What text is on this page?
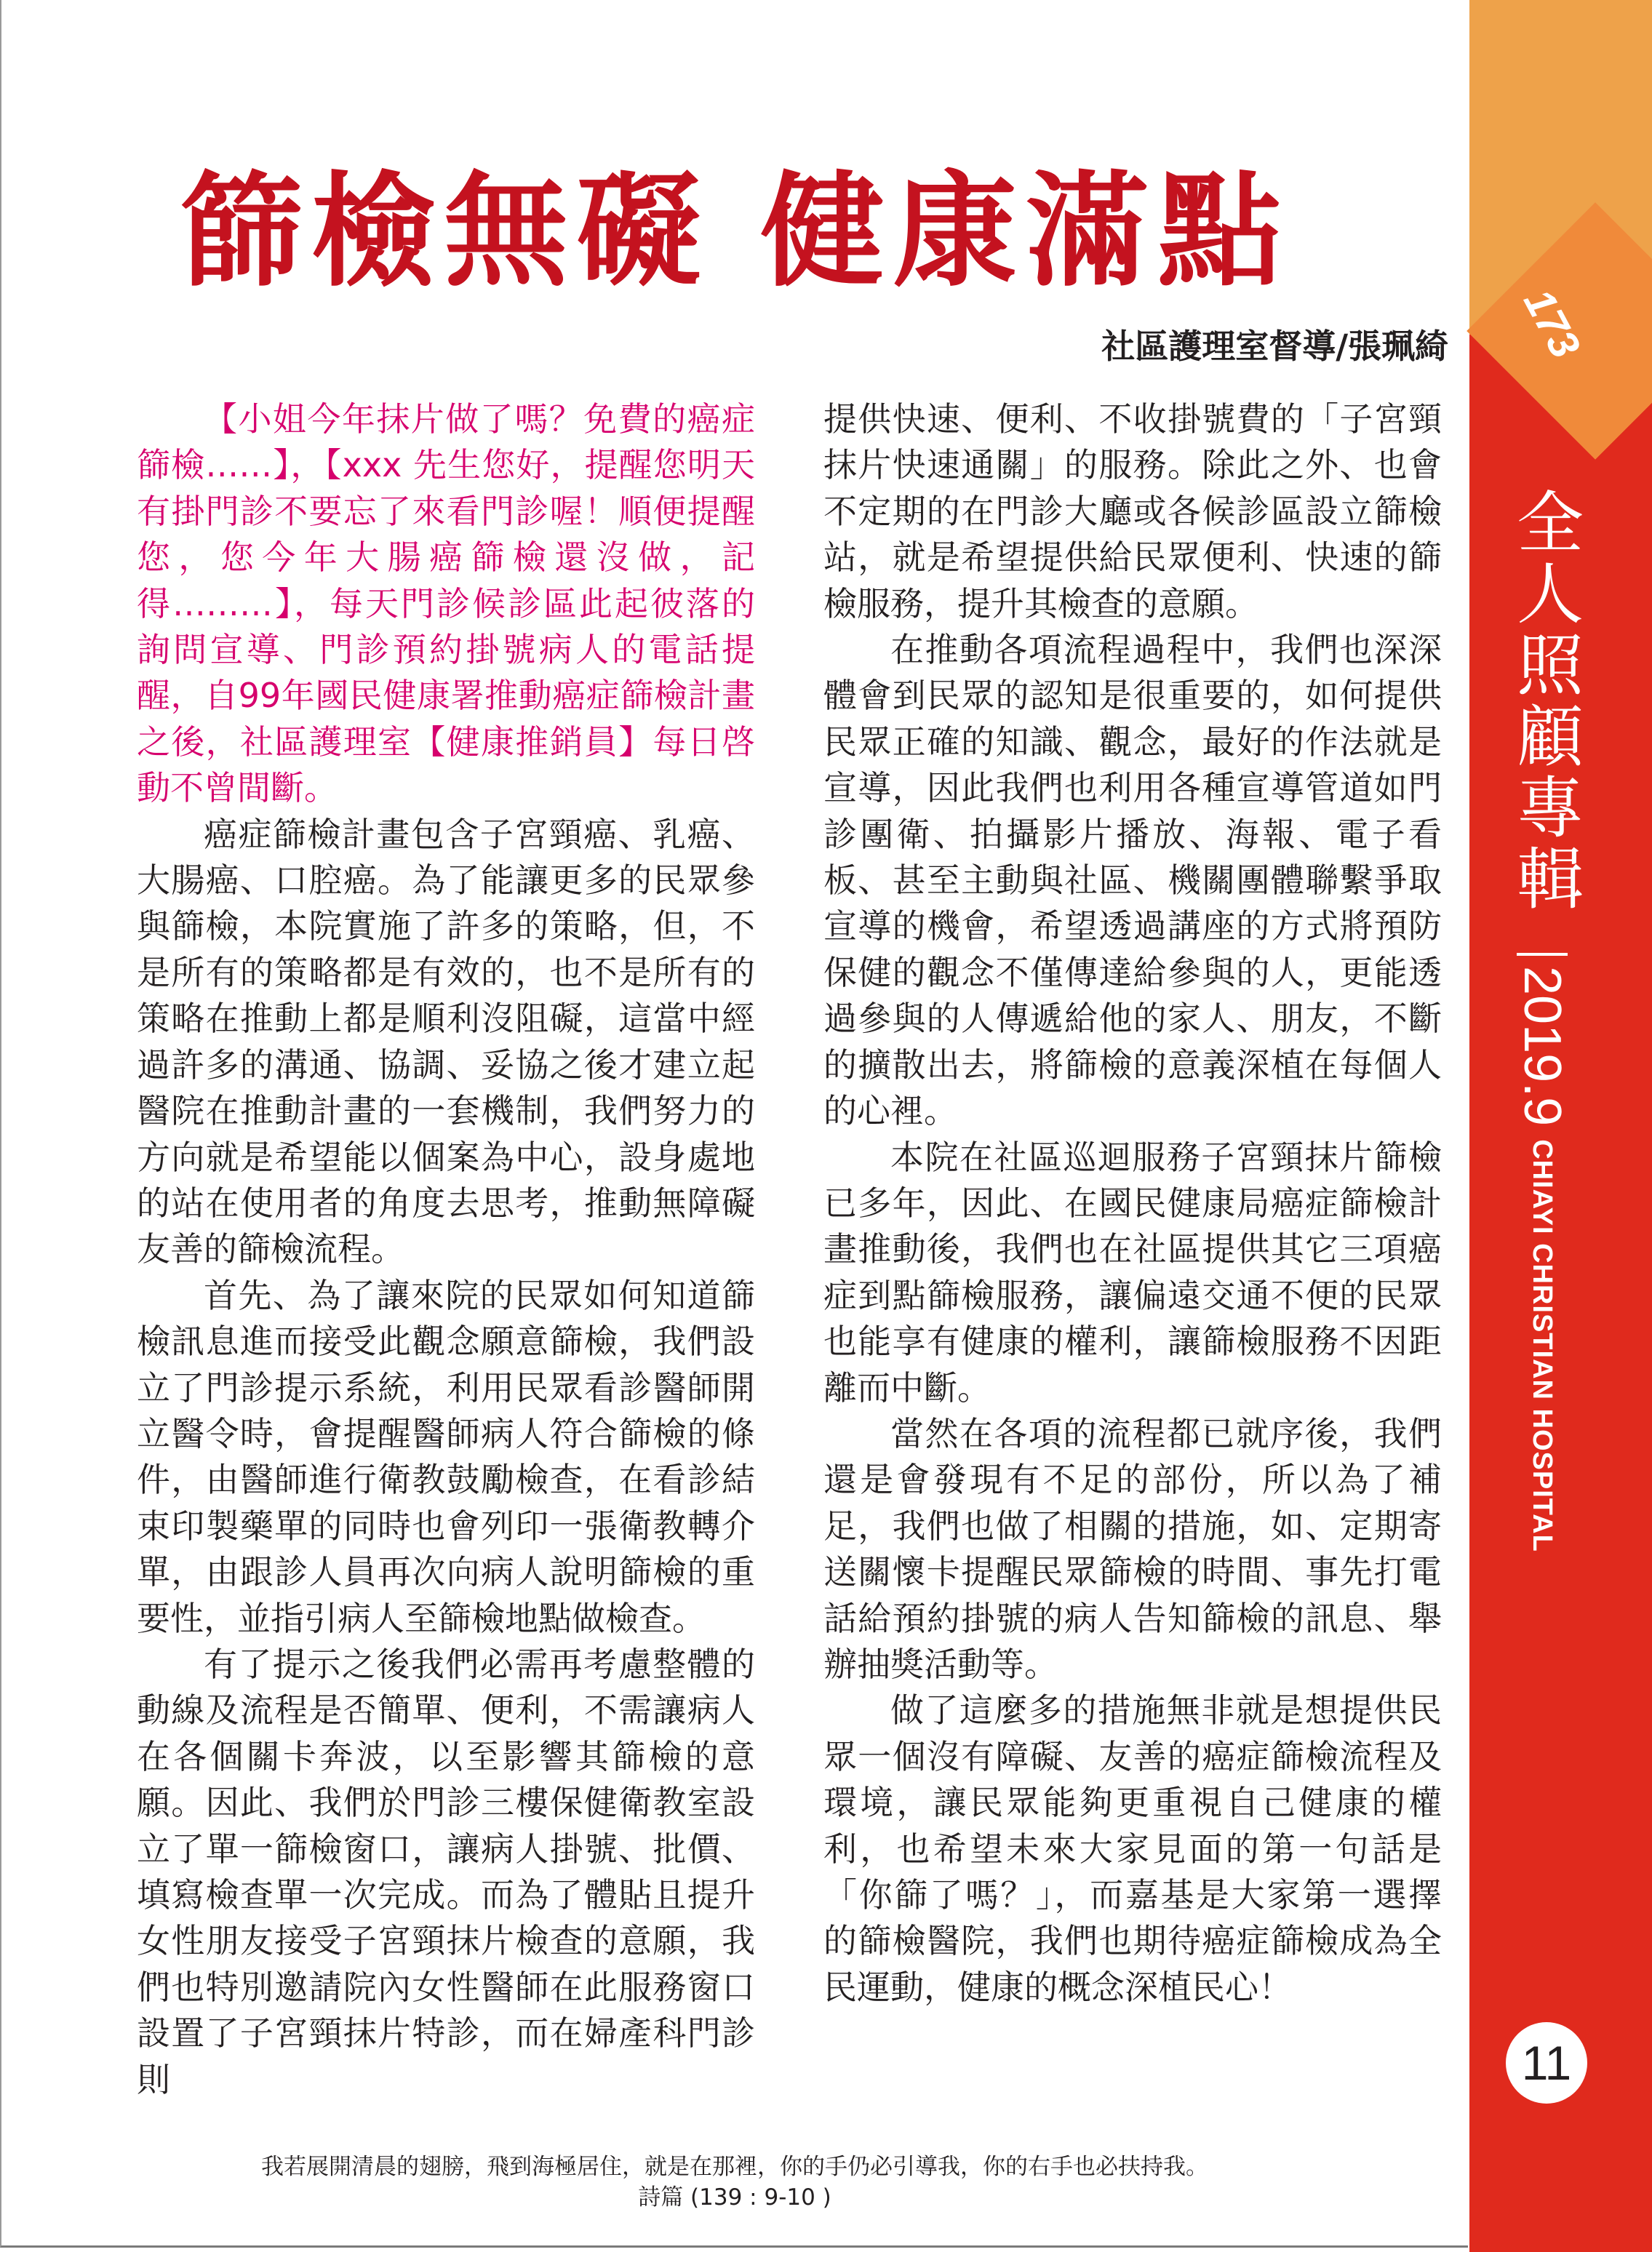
173
全人照顧專輯
2019.9
CHIAYI CHRISTIAN HOSPITAL
11
篩檢無礙 健康滿點
社區護理室督導/張珮綺

【小姐今年抹片做了嗎？免費的癌症篩檢……】，【xxx 先生您好，提醒您明天有掛門診不要忘了來看門診喔！順便提醒您，您今年大腸癌篩檢還沒做，記得………】，每天門診候診區此起彼落的詢問宣導、門診預約掛號病人的電話提醒，自99年國民健康署推動癌症篩檢計畫之後，社區護理室【健康推銷員】每日啓動不曾間斷。

癌症篩檢計畫包含子宮頸癌、乳癌、大腸癌、口腔癌。為了能讓更多的民眾參與篩檢，本院實施了許多的策略，但，不是所有的策略都是有效的，也不是所有的策略在推動上都是順利沒阻礙，這當中經過許多的溝通、協調、妥協之後才建立起醫院在推動計畫的一套機制，我們努力的方向就是希望能以個案為中心，設身處地的站在使用者的角度去思考，推動無障礙友善的篩檢流程。

首先、為了讓來院的民眾如何知道篩檢訊息進而接受此觀念願意篩檢，我們設立了門診提示系統，利用民眾看診醫師開立醫令時，會提醒醫師病人符合篩檢的條件，由醫師進行衛教鼓勵檢查，在看診結束印製藥單的同時也會列印一張衛教轉介單，由跟診人員再次向病人說明篩檢的重要性，並指引病人至篩檢地點做檢查。

有了提示之後我們必需再考慮整體的動線及流程是否簡單、便利，不需讓病人在各個關卡奔波，以至影響其篩檢的意願。因此、我們於門診三樓保健衛教室設立了單一篩檢窗口，讓病人掛號、批價、填寫檢查單一次完成。而為了體貼且提升女性朋友接受子宮頸抹片檢查的意願，我們也特別邀請院內女性醫師在此服務窗口設置了子宮頸抹片特診，而在婦產科門診則

提供快速、便利、不收掛號費的「子宮頸抹片快速通關」的服務。除此之外、也會不定期的在門診大廳或各候診區設立篩檢站，就是希望提供給民眾便利、快速的篩檢服務，提升其檢查的意願。

在推動各項流程過程中，我們也深深體會到民眾的認知是很重要的，如何提供民眾正確的知識、觀念，最好的作法就是宣導，因此我們也利用各種宣導管道如門診團衛、拍攝影片播放、海報、電子看板、甚至主動與社區、機關團體聯繫爭取宣導的機會，希望透過講座的方式將預防保健的觀念不僅傳達給參與的人，更能透過參與的人傳遞給他的家人、朋友，不斷的擴散出去，將篩檢的意義深植在每個人的心裡。

本院在社區巡迴服務子宮頸抹片篩檢已多年，因此、在國民健康局癌症篩檢計畫推動後，我們也在社區提供其它三項癌症到點篩檢服務，讓偏遠交通不便的民眾也能享有健康的權利，讓篩檢服務不因距離而中斷。

當然在各項的流程都已就序後，我們還是會發現有不足的部份，所以為了補足，我們也做了相關的措施，如、定期寄送關懷卡提醒民眾篩檢的時間、事先打電話給預約掛號的病人告知篩檢的訊息、舉辦抽獎活動等。

做了這麼多的措施無非就是想提供民眾一個沒有障礙、友善的癌症篩檢流程及環境，讓民眾能夠更重視自己健康的權利，也希望未來大家見面的第一句話是「你篩了嗎？」，而嘉基是大家第一選擇的篩檢醫院，我們也期待癌症篩檢成為全民運動，健康的概念深植民心！

我若展開清晨的翅膀，飛到海極居住，就是在那裡，你的手仍必引導我，你的右手也必扶持我。
詩篇 (139 : 9-10 )
